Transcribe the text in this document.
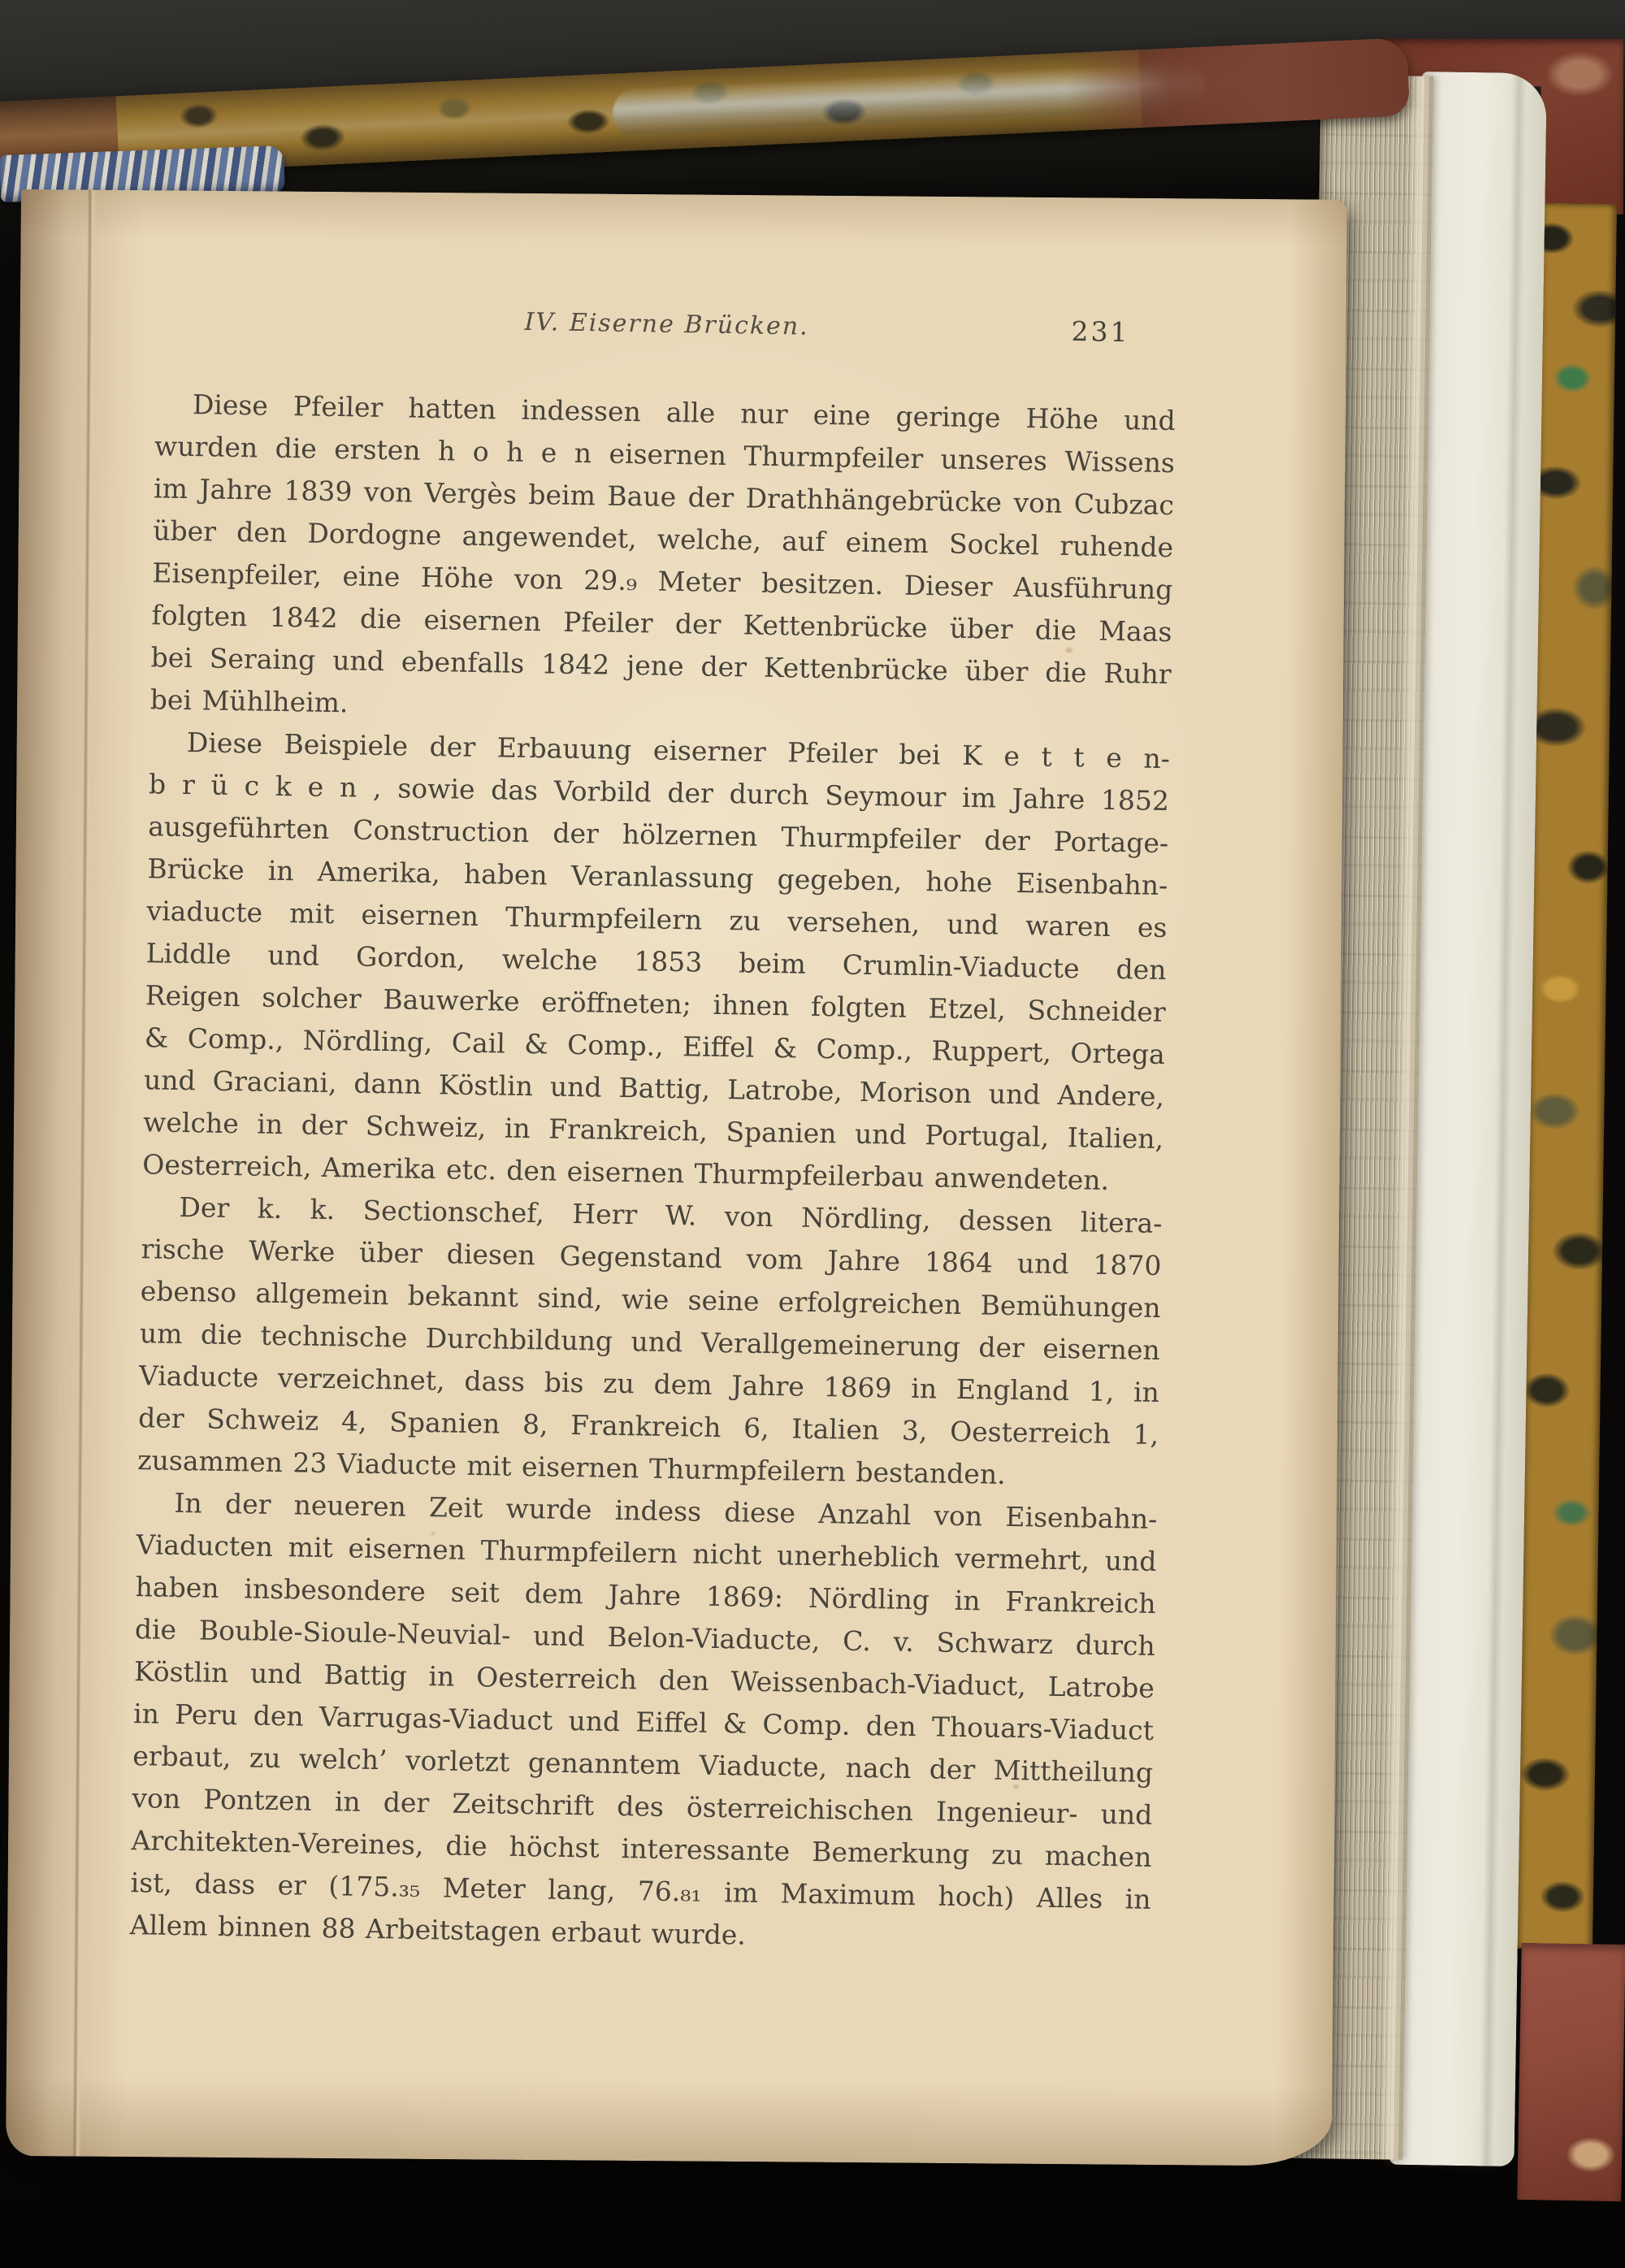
IV. Eiserne Brücken.	231
Diese Pfeiler hatten indessen alle nur eine geringe Höhe und
wurden die ersten h o h e n eisernen Thurmpfeiler unseres Wissens
im Jahre 1839 von Vergès beim Baue der Drathhängebrücke von Cubzac
über den Dordogne angewendet, welche, auf einem Sockel ruhende
Eisenpfeiler, eine Höhe von 29.₉ Meter besitzen. Dieser Ausführung
folgten 1842 die eisernen Pfeiler der Kettenbrücke über die Maas
bei Seraing und ebenfalls 1842 jene der Kettenbrücke über die Ruhr
bei Mühlheim.
Diese Beispiele der Erbauung eiserner Pfeiler bei K e t t e n-
b r ü c k e n , sowie das Vorbild der durch Seymour im Jahre 1852
ausgeführten Construction der hölzernen Thurmpfeiler der Portage-
Brücke in Amerika, haben Veranlassung gegeben, hohe Eisenbahn-
viaducte mit eisernen Thurmpfeilern zu versehen, und waren es
Liddle und Gordon, welche 1853 beim Crumlin-Viaducte den
Reigen solcher Bauwerke eröffneten; ihnen folgten Etzel, Schneider
& Comp., Nördling, Cail & Comp., Eiffel & Comp., Ruppert, Ortega
und Graciani, dann Köstlin und Battig, Latrobe, Morison und Andere,
welche in der Schweiz, in Frankreich, Spanien und Portugal, Italien,
Oesterreich, Amerika etc. den eisernen Thurmpfeilerbau anwendeten.
Der k. k. Sectionschef, Herr W. von Nördling, dessen litera-
rische Werke über diesen Gegenstand vom Jahre 1864 und 1870
ebenso allgemein bekannt sind, wie seine erfolgreichen Bemühungen
um die technische Durchbildung und Verallgemeinerung der eisernen
Viaducte verzeichnet, dass bis zu dem Jahre 1869 in England 1, in
der Schweiz 4, Spanien 8, Frankreich 6, Italien 3, Oesterreich 1,
zusammen 23 Viaducte mit eisernen Thurmpfeilern bestanden.
In der neueren Zeit wurde indess diese Anzahl von Eisenbahn-
Viaducten mit eisernen Thurmpfeilern nicht unerheblich vermehrt, und
haben insbesondere seit dem Jahre 1869: Nördling in Frankreich
die Bouble-Sioule-Neuvial- und Belon-Viaducte, C. v. Schwarz durch
Köstlin und Battig in Oesterreich den Weissenbach-Viaduct, Latrobe
in Peru den Varrugas-Viaduct und Eiffel & Comp. den Thouars-Viaduct
erbaut, zu welch’ vorletzt genanntem Viaducte, nach der Mittheilung
von Pontzen in der Zeitschrift des österreichischen Ingenieur- und
Architekten-Vereines, die höchst interessante Bemerkung zu machen
ist, dass er (175.₃₅ Meter lang, 76.₈₁ im Maximum hoch) Alles in
Allem binnen 88 Arbeitstagen erbaut wurde.
